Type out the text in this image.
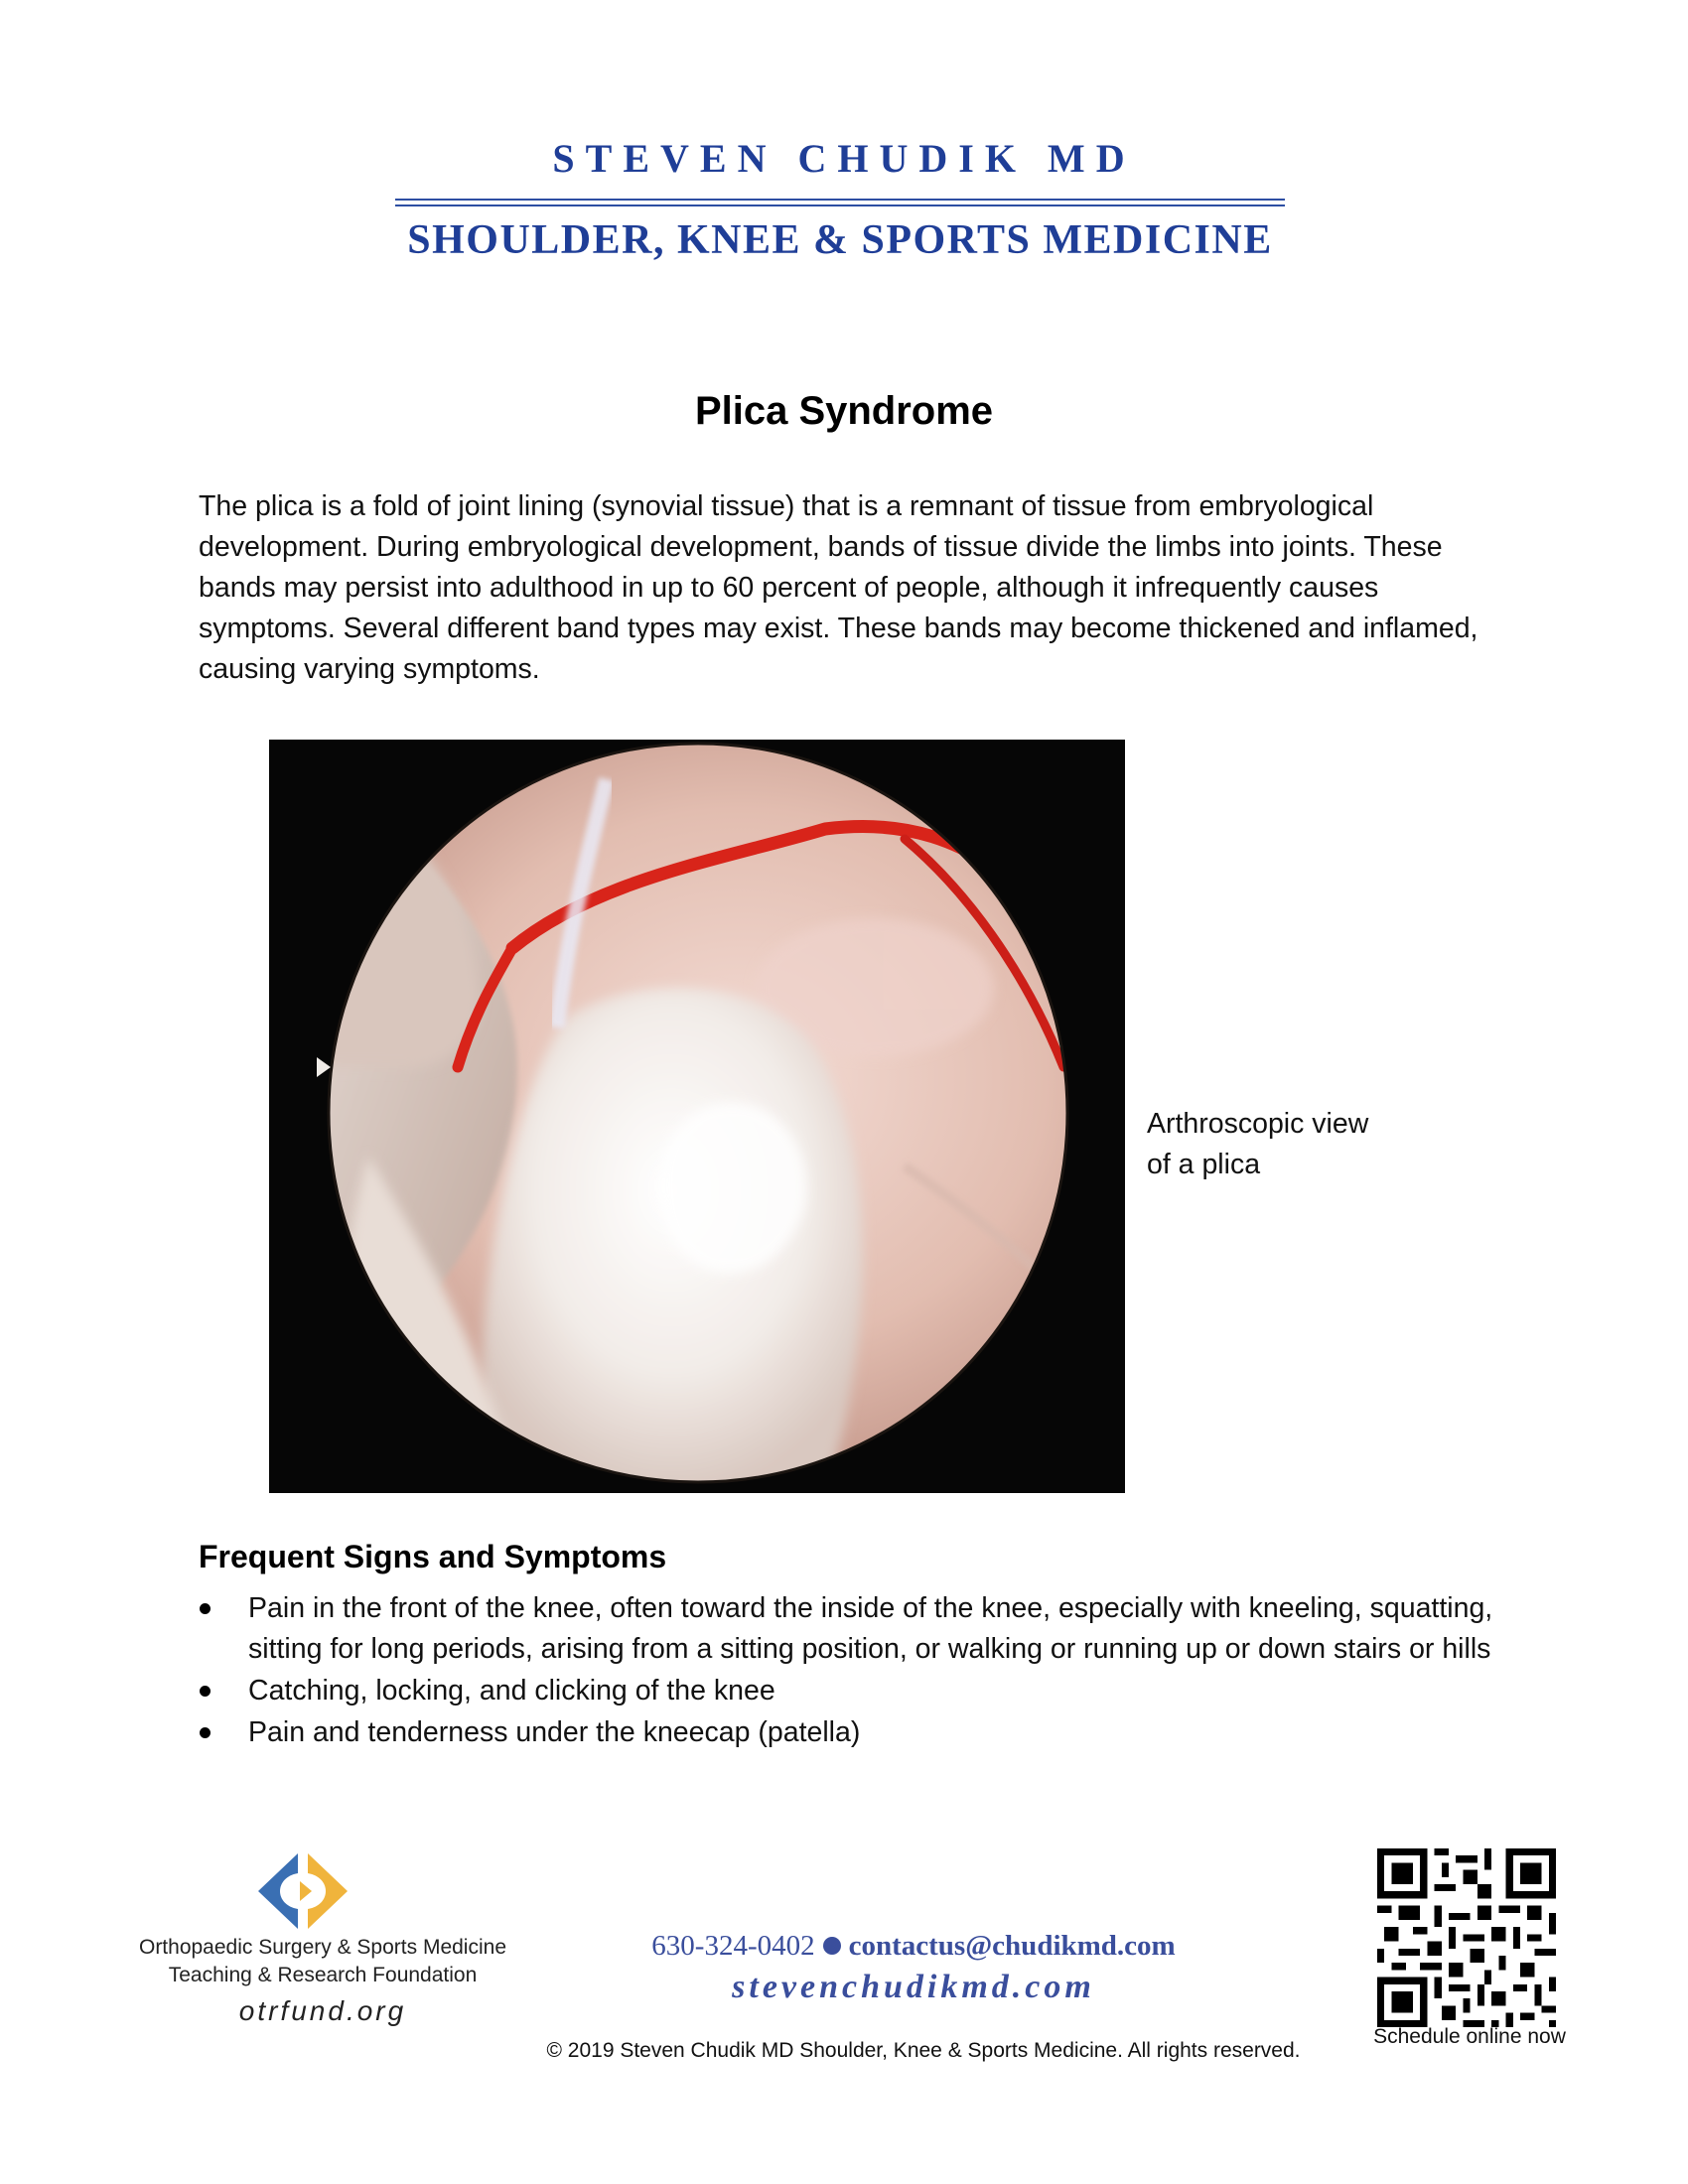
STEVEN CHUDIK MD
SHOULDER, KNEE & SPORTS MEDICINE
Plica Syndrome

The plica is a fold of joint lining (synovial tissue) that is a remnant of tissue from embryological development. During embryological development, bands of tissue divide the limbs into joints. These bands may persist into adulthood in up to 60 percent of people, although it infrequently causes symptoms. Several different band types may exist. These bands may become thickened and inflamed, causing varying symptoms.

Arthroscopic view
of a plica
Frequent Signs and Symptoms
Pain in the front of the knee, often toward the inside of the knee, especially with kneeling, squatting, sitting for long periods, arising from a sitting position, or walking or running up or down stairs or hills
Catching, locking, and clicking of the knee
Pain and tenderness under the kneecap (patella)
Orthopaedic Surgery & Sports Medicine
Teaching & Research Foundation
otrfund.org
630-324-0402 contactus@chudikmd.com
stevenchudikmd.com
© 2019 Steven Chudik MD Shoulder, Knee & Sports Medicine. All rights reserved.
Schedule online now
